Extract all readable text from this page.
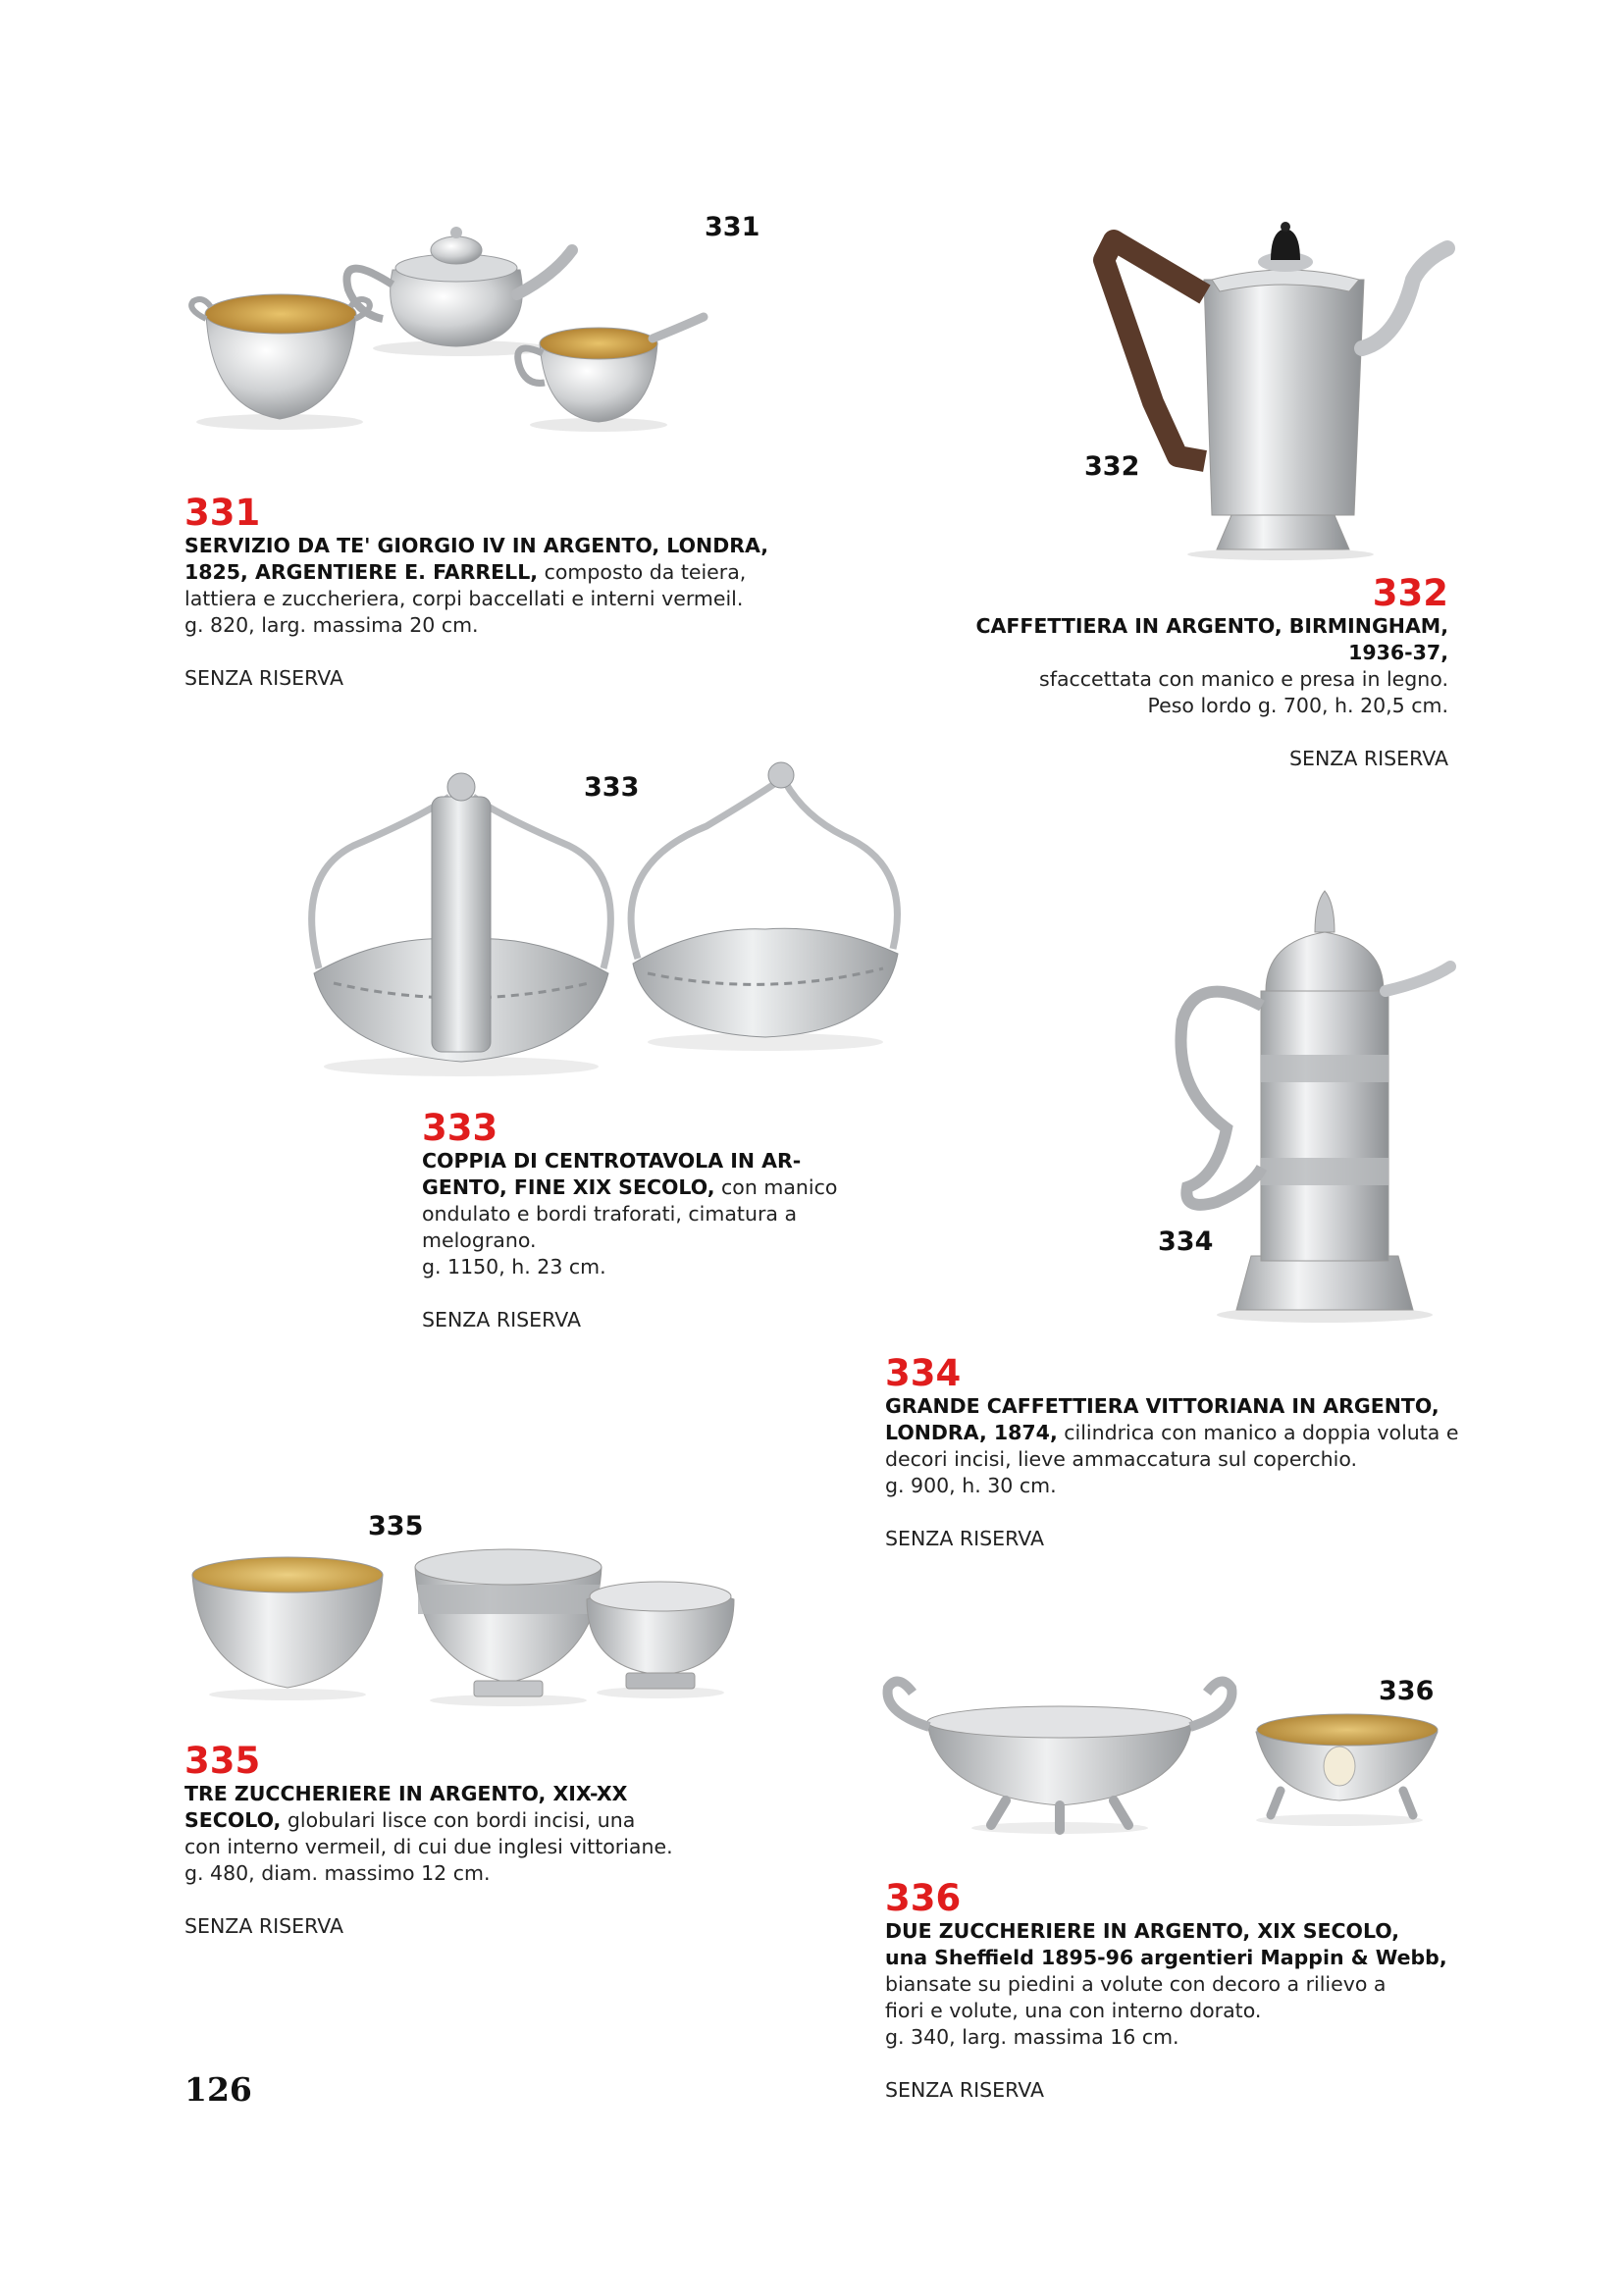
331
331
SERVIZIO DA TE' GIORGIO IV IN ARGENTO, LONDRA,
1825, ARGENTIERE E. FARRELL, composto da teiera,
lattiera e zuccheriera, corpi baccellati e interni vermeil.
g. 820, larg. massima 20 cm.
SENZA RISERVA
332
332
CAFFETTIERA IN ARGENTO, BIRMINGHAM,
1936-37,
sfaccettata con manico e presa in legno.
Peso lordo g. 700, h. 20,5 cm.
SENZA RISERVA
333
333
COPPIA DI CENTROTAVOLA IN AR-
GENTO, FINE XIX SECOLO, con manico
ondulato e bordi traforati, cimatura a
melograno.
g. 1150, h. 23 cm.
SENZA RISERVA
334
334
GRANDE CAFFETTIERA VITTORIANA IN ARGENTO,
LONDRA, 1874, cilindrica con manico a doppia voluta e
decori incisi, lieve ammaccatura sul coperchio.
g. 900, h. 30 cm.
SENZA RISERVA
335
335
TRE ZUCCHERIERE IN ARGENTO, XIX-XX
SECOLO, globulari lisce con bordi incisi, una
con interno vermeil, di cui due inglesi vittoriane.
g. 480, diam. massimo 12 cm.
SENZA RISERVA
336
336
DUE ZUCCHERIERE IN ARGENTO, XIX SECOLO,
una Sheffield 1895-96 argentieri Mappin & Webb,
biansate su piedini a volute con decoro a rilievo a
fiori e volute, una con interno dorato.
g. 340, larg. massima 16 cm.
SENZA RISERVA
126
